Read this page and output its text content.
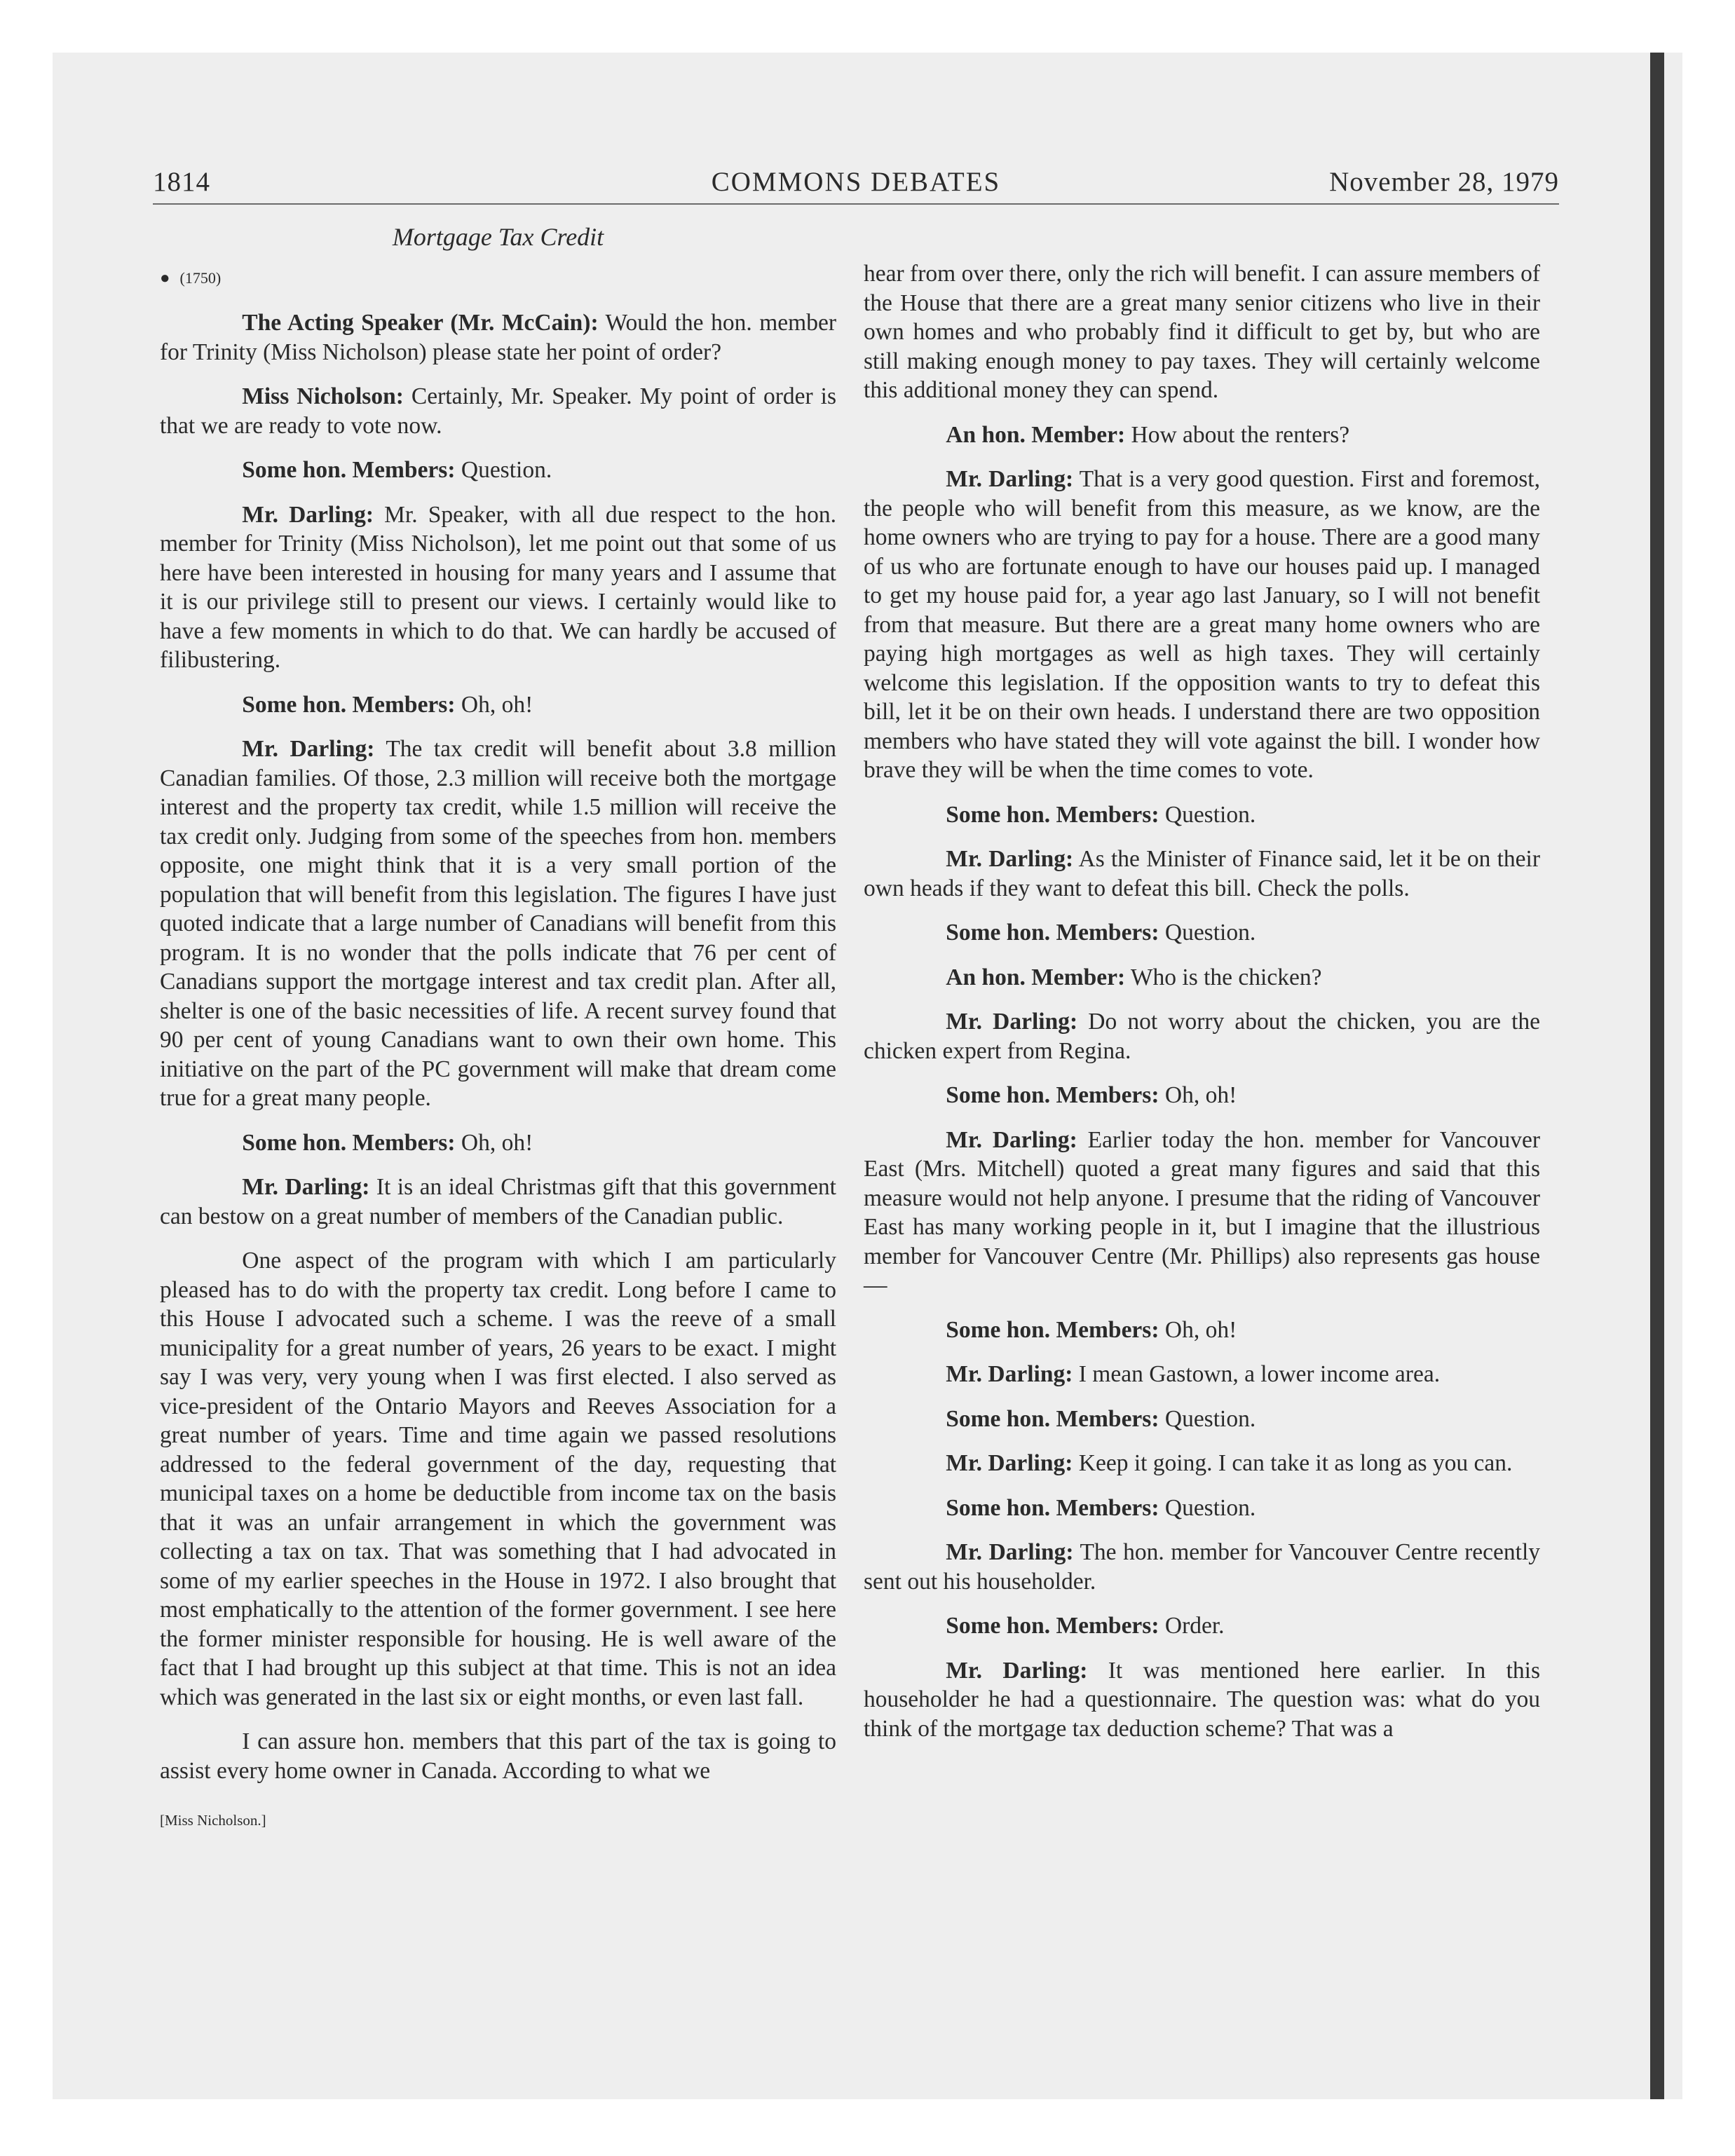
1814	COMMONS DEBATES	November 28, 1979
Mortgage Tax Credit
● (1750)

The Acting Speaker (Mr. McCain): Would the hon. member for Trinity (Miss Nicholson) please state her point of order?

Miss Nicholson: Certainly, Mr. Speaker. My point of order is that we are ready to vote now.

Some hon. Members: Question.

Mr. Darling: Mr. Speaker, with all due respect to the hon. member for Trinity (Miss Nicholson), let me point out that some of us here have been interested in housing for many years and I assume that it is our privilege still to present our views. I certainly would like to have a few moments in which to do that. We can hardly be accused of filibustering.

Some hon. Members: Oh, oh!

Mr. Darling: The tax credit will benefit about 3.8 million Canadian families. Of those, 2.3 million will receive both the mortgage interest and the property tax credit, while 1.5 million will receive the tax credit only. Judging from some of the speeches from hon. members opposite, one might think that it is a very small portion of the population that will benefit from this legislation. The figures I have just quoted indicate that a large number of Canadians will benefit from this program. It is no wonder that the polls indicate that 76 per cent of Canadians support the mortgage interest and tax credit plan. After all, shelter is one of the basic necessities of life. A recent survey found that 90 per cent of young Canadians want to own their own home. This initiative on the part of the PC government will make that dream come true for a great many people.

Some hon. Members: Oh, oh!

Mr. Darling: It is an ideal Christmas gift that this government can bestow on a great number of members of the Canadian public.

One aspect of the program with which I am particularly pleased has to do with the property tax credit. Long before I came to this House I advocated such a scheme. I was the reeve of a small municipality for a great number of years, 26 years to be exact. I might say I was very, very young when I was first elected. I also served as vice-president of the Ontario Mayors and Reeves Association for a great number of years. Time and time again we passed resolutions addressed to the federal government of the day, requesting that municipal taxes on a home be deductible from income tax on the basis that it was an unfair arrangement in which the government was collecting a tax on tax. That was something that I had advocated in some of my earlier speeches in the House in 1972. I also brought that most emphatically to the attention of the former government. I see here the former minister responsible for housing. He is well aware of the fact that I had brought up this subject at that time. This is not an idea which was generated in the last six or eight months, or even last fall.

I can assure hon. members that this part of the tax is going to assist every home owner in Canada. According to what we

[Miss Nicholson.]

hear from over there, only the rich will benefit. I can assure members of the House that there are a great many senior citizens who live in their own homes and who probably find it difficult to get by, but who are still making enough money to pay taxes. They will certainly welcome this additional money they can spend.

An hon. Member: How about the renters?

Mr. Darling: That is a very good question. First and foremost, the people who will benefit from this measure, as we know, are the home owners who are trying to pay for a house. There are a good many of us who are fortunate enough to have our houses paid up. I managed to get my house paid for, a year ago last January, so I will not benefit from that measure. But there are a great many home owners who are paying high mortgages as well as high taxes. They will certainly welcome this legislation. If the opposition wants to try to defeat this bill, let it be on their own heads. I understand there are two opposition members who have stated they will vote against the bill. I wonder how brave they will be when the time comes to vote.

Some hon. Members: Question.

Mr. Darling: As the Minister of Finance said, let it be on their own heads if they want to defeat this bill. Check the polls.

Some hon. Members: Question.

An hon. Member: Who is the chicken?

Mr. Darling: Do not worry about the chicken, you are the chicken expert from Regina.

Some hon. Members: Oh, oh!

Mr. Darling: Earlier today the hon. member for Vancouver East (Mrs. Mitchell) quoted a great many figures and said that this measure would not help anyone. I presume that the riding of Vancouver East has many working people in it, but I imagine that the illustrious member for Vancouver Centre (Mr. Phillips) also represents gas house—

Some hon. Members: Oh, oh!

Mr. Darling: I mean Gastown, a lower income area.

Some hon. Members: Question.

Mr. Darling: Keep it going. I can take it as long as you can.

Some hon. Members: Question.

Mr. Darling: The hon. member for Vancouver Centre recently sent out his householder.

Some hon. Members: Order.

Mr. Darling: It was mentioned here earlier. In this householder he had a questionnaire. The question was: what do you think of the mortgage tax deduction scheme? That was a
